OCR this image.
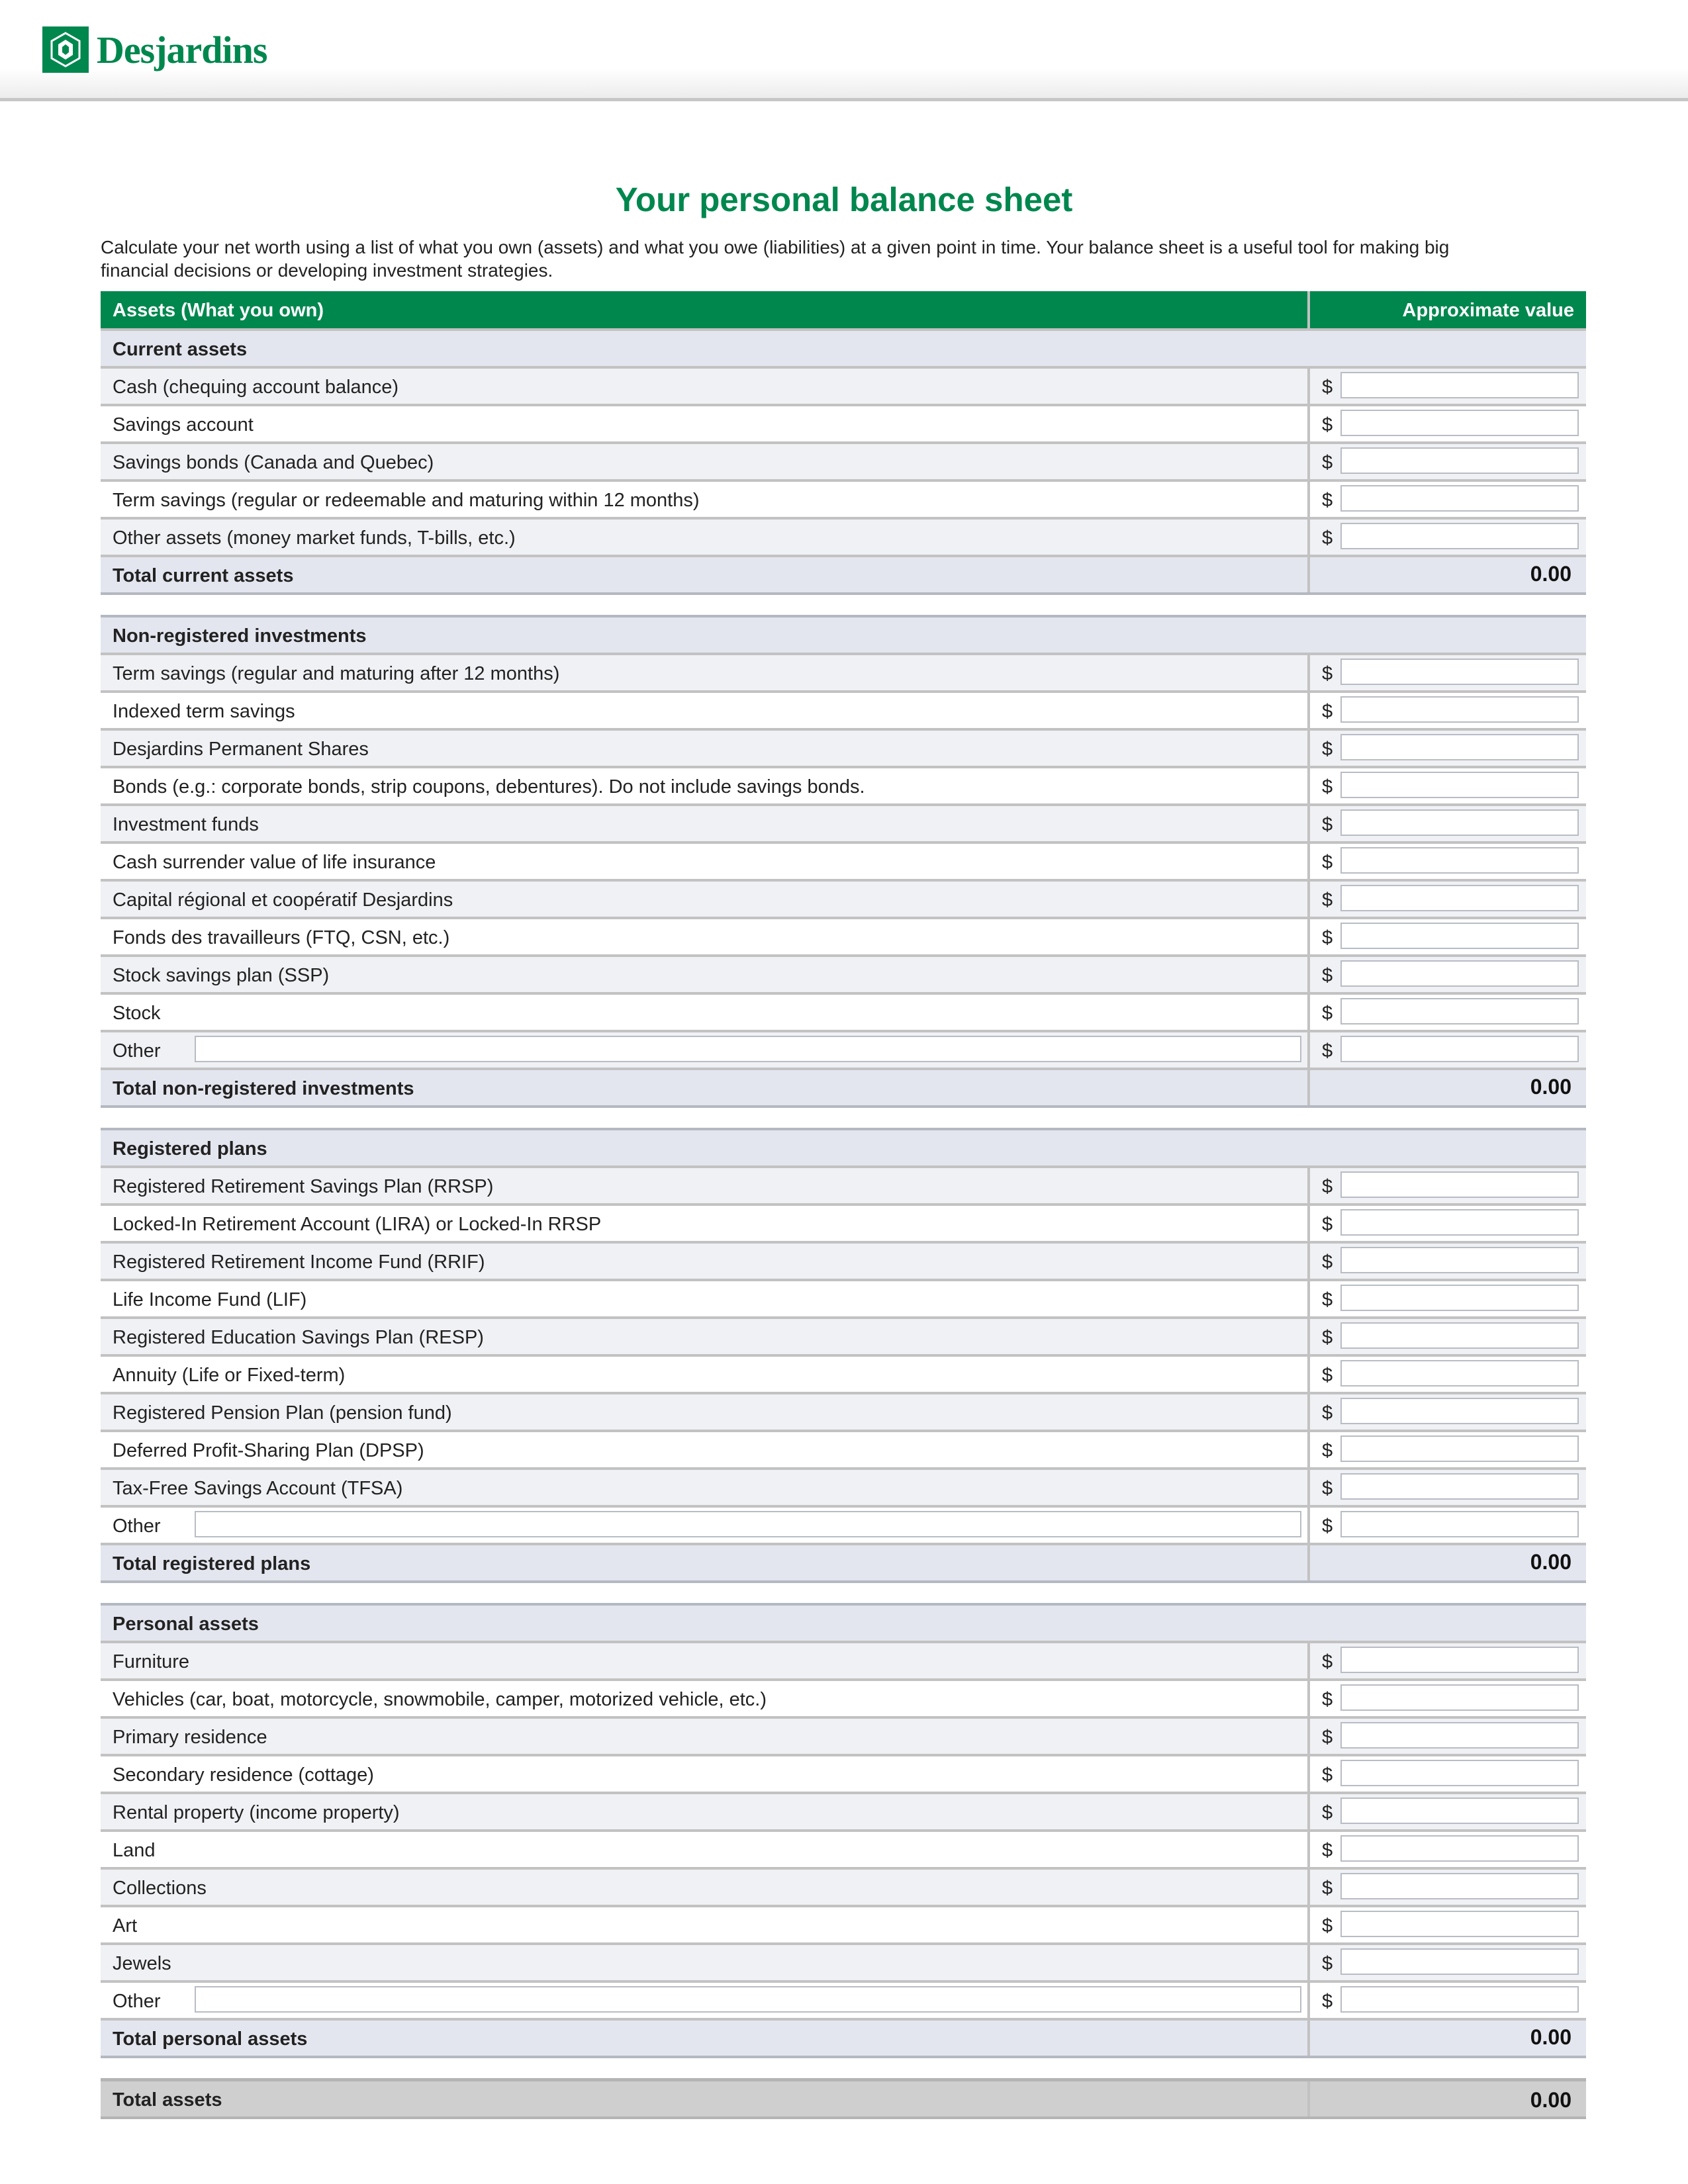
Desjardins
Your personal balance sheet
Calculate your net worth using a list of what you own (assets) and what you owe (liabilities) at a given point in time. Your balance sheet is a useful tool for making big financial decisions or developing investment strategies.
Assets (What you own)	Approximate value
Current assets
Cash (chequing account balance)	$
Savings account	$
Savings bonds (Canada and Quebec)	$
Term savings (regular or redeemable and maturing within 12 months)	$
Other assets (money market funds, T-bills, etc.)	$
Total current assets	0.00
Non-registered investments
Term savings (regular and maturing after 12 months)	$
Indexed term savings	$
Desjardins Permanent Shares	$
Bonds (e.g.: corporate bonds, strip coupons, debentures). Do not include savings bonds.	$
Investment funds	$
Cash surrender value of life insurance	$
Capital régional et coopératif Desjardins	$
Fonds des travailleurs (FTQ, CSN, etc.)	$
Stock savings plan (SSP)	$
Stock	$
Other	$
Total non-registered investments	0.00
Registered plans
Registered Retirement Savings Plan (RRSP)	$
Locked-In Retirement Account (LIRA) or Locked-In RRSP	$
Registered Retirement Income Fund (RRIF)	$
Life Income Fund (LIF)	$
Registered Education Savings Plan (RESP)	$
Annuity (Life or Fixed-term)	$
Registered Pension Plan (pension fund)	$
Deferred Profit-Sharing Plan (DPSP)	$
Tax-Free Savings Account (TFSA)	$
Other	$
Total registered plans	0.00
Personal assets
Furniture	$
Vehicles (car, boat, motorcycle, snowmobile, camper, motorized vehicle, etc.)	$
Primary residence	$
Secondary residence (cottage)	$
Rental property (income property)	$
Land	$
Collections	$
Art	$
Jewels	$
Other	$
Total personal assets	0.00
Total assets	0.00
